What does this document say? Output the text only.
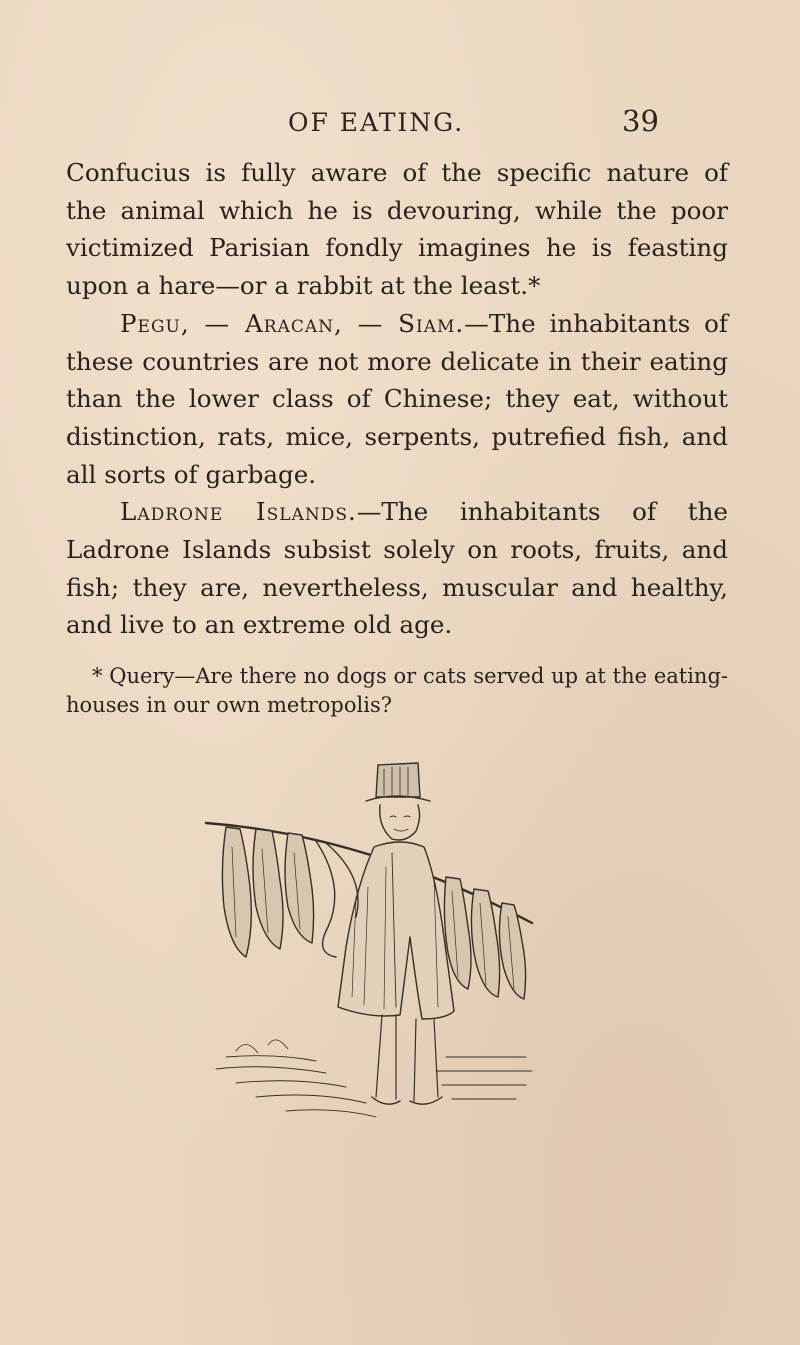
OF EATING.	39

Confucius is fully aware of the specific nature of
the animal which he is devouring, while the poor
victimized Parisian fondly imagines he is feasting
upon a hare—or a rabbit at the least.*

Pegu, — Aracan, — Siam.—The inhabitants of
these countries are not more delicate in their eating
than the lower class of Chinese; they eat, without
distinction, rats, mice, serpents, putrefied fish, and
all sorts of garbage.

Ladrone Islands.—The inhabitants of the
Ladrone Islands subsist solely on roots, fruits, and
fish; they are, nevertheless, muscular and healthy,
and live to an extreme old age.

* Query—Are there no dogs or cats served up at the eating-
houses in our own metropolis?
